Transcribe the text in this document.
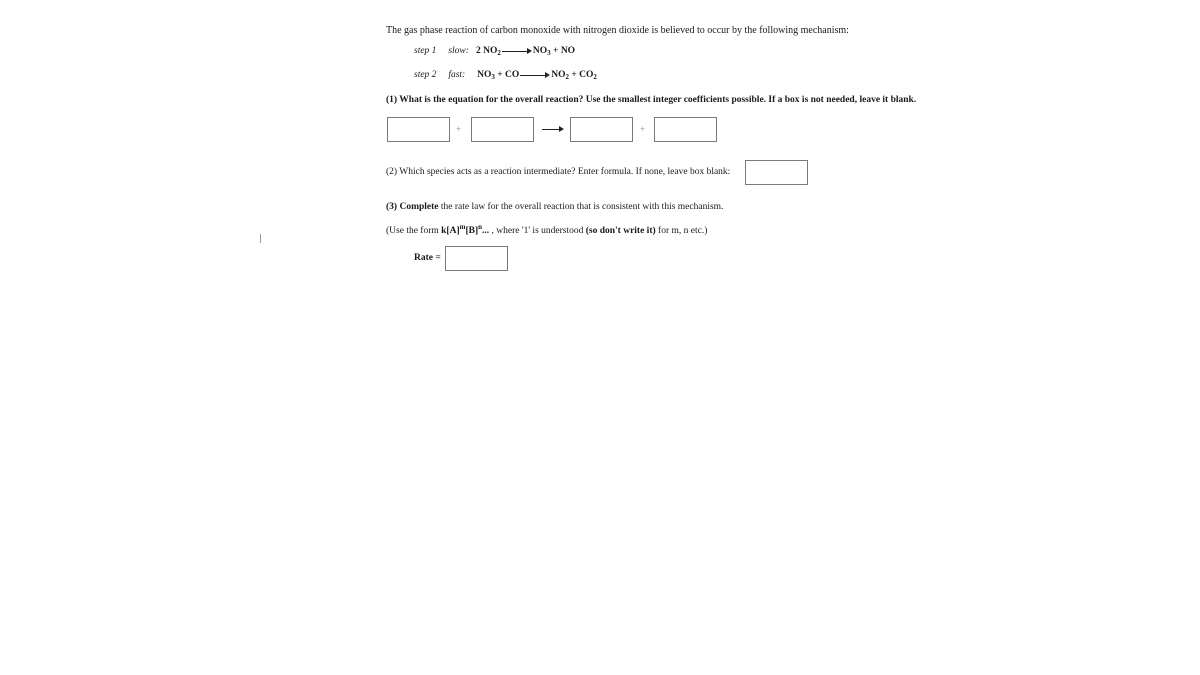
The gas phase reaction of carbon monoxide with nitrogen dioxide is believed to occur by the following mechanism:
step 1 slow: 2 $NO_2$	$NO_3$ + NO
step 2 fast: $NO_3$ + CO	$NO_2 + CO_2$
(1) What is the equation for the overall reaction? Use the smallest integer coefficients possible. If a box is not needed, leave it blank.
+	+
(2) Which species acts as a reaction intermediate? Enter formula. If none, leave box blank:
(3) Complete the rate law for the overall reaction that is consistent with this mechanism.
(Use the form $k[A]^m[B]^n$... , where '1' is understood (so don't write it) for m, n etc.)
Rate =
